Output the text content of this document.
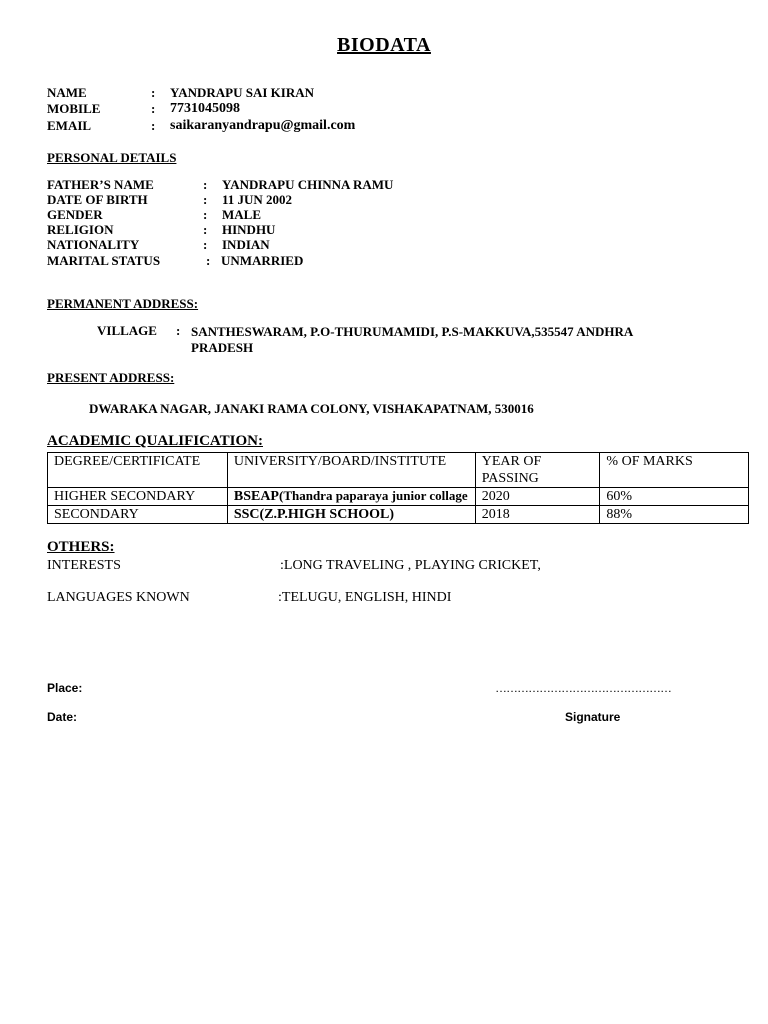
BIODATA
NAME	: YANDRAPU SAI KIRAN
MOBILE	: 7731045098
EMAIL	: saikaranyandrapu@gmail.com
PERSONAL DETAILS
FATHER’S NAME	: YANDRAPU CHINNA RAMU
DATE OF BIRTH	: 11 JUN 2002
GENDER	: MALE
RELIGION	: HINDHU
NATIONALITY	: INDIAN
MARITAL STATUS	: UNMARRIED
PERMANENT ADDRESS:
VILLAGE : SANTHESWARAM, P.O-THURUMAMIDI, P.S-MAKKUVA,535547 ANDHRA
PRADESH
PRESENT ADDRESS:
DWARAKA NAGAR, JANAKI RAMA COLONY, VISHAKAPATNAM, 530016
ACADEMIC QUALIFICATION:
DEGREE/CERTIFICATE	UNIVERSITY/BOARD/INSTITUTE	YEAR OF PASSING	% OF MARKS
HIGHER SECONDARY	BSEAP(Thandra paparaya junior collage	2020	60%
SECONDARY	SSC(Z.P.HIGH SCHOOL)	2018	88%
OTHERS:
INTERESTS	:LONG TRAVELING , PLAYING CRICKET,
LANGUAGES KNOWN	:TELUGU, ENGLISH, HINDI
Place:	…………………………………………
Date:	Signature
